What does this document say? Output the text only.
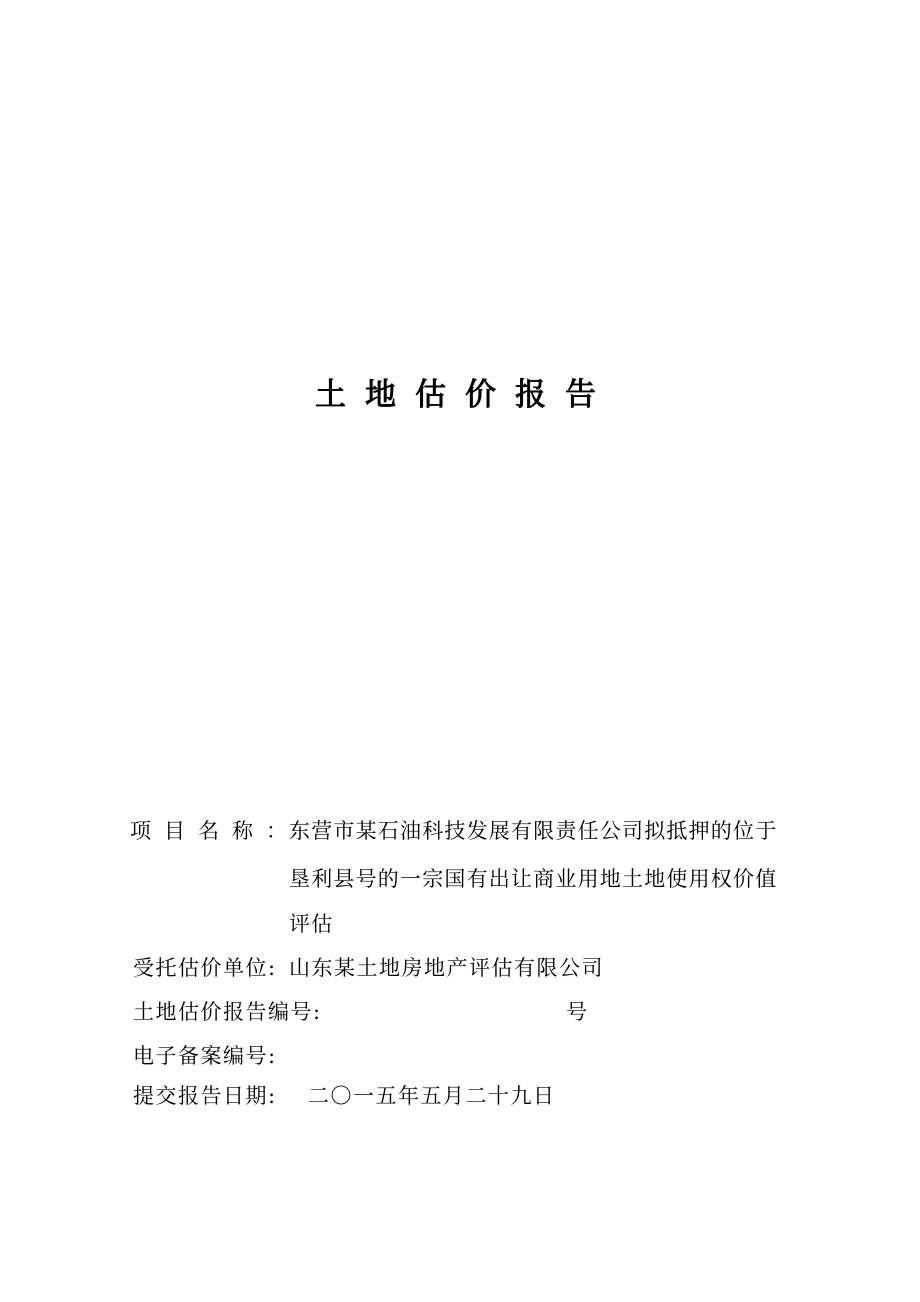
土地估价报告
项目名称：
东营市某石油科技发展有限责任公司拟抵押的位于
垦利县号的一宗国有出让商业用地土地使用权价值
评估
受托估价单位: 山东某土地房地产评估有限公司
土地估价报告编号:	号
电子备案编号:
提交报告日期: 二〇一五年五月二十九日
